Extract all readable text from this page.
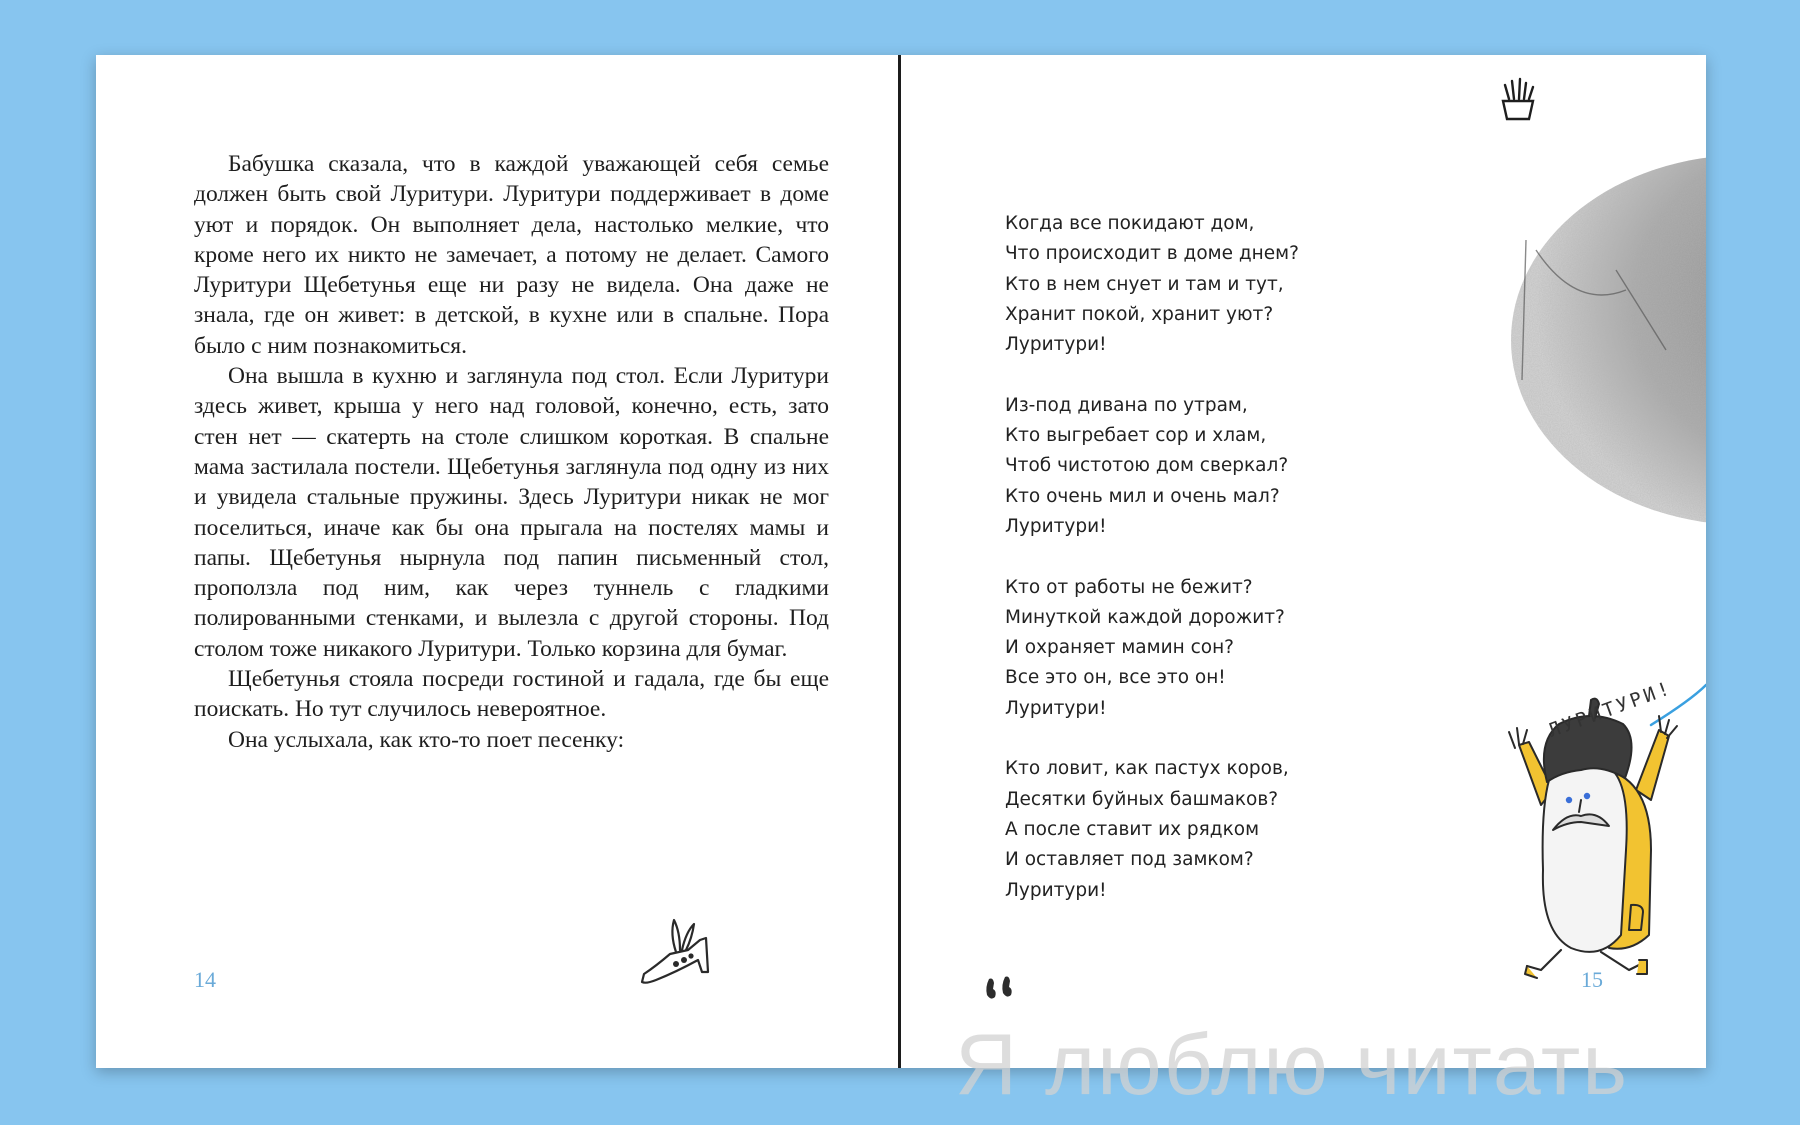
Бабушка сказала, что в каждой уважающей себя семье должен быть свой Луритури. Луритури поддерживает в доме уют и порядок. Он выполняет дела, настолько мелкие, что кроме него их никто не замечает, а потому не делает. Самого Луритури Щебетунья еще ни разу не видела. Она даже не знала, где он живет: в детской, в кухне или в спальне. Пора было с ним познакомиться.

Она вышла в кухню и заглянула под стол. Если Луритури здесь живет, крыша у него над головой, конечно, есть, зато стен нет — скатерть на столе слишком короткая. В спальне мама застилала постели. Щебетунья заглянула под одну из них и увидела стальные пружины. Здесь Луритури никак не мог поселиться, иначе как бы она прыгала на постелях мамы и папы. Щебетунья нырнула под папин письменный стол, проползла под ним, как через туннель с гладкими полированными стенками, и вылезла с другой стороны. Под столом тоже никакого Луритури. Только корзина для бумаг.

Щебетунья стояла посреди гостиной и гадала, где бы еще поискать. Но тут случилось невероятное.

Она услыхала, как кто-то поет песенку:

14
Когда все покидают дом,
Что происходит в доме днем?
Кто в нем снует и там и тут,
Хранит покой, хранит уют?
Луритури!
Из-под дивана по утрам,
Кто выгребает сор и хлам,
Чтоб чистотою дом сверкал?
Кто очень мил и очень мал?
Луритури!
Кто от работы не бежит?
Минуткой каждой дорожит?
И охраняет мамин сон?
Все это он, все это он!
Луритури!
Кто ловит, как пастух коров,
Десятки буйных башмаков?
А после ставит их рядком
И оставляет под замком?
Луритури!
ЛУРИТУРИ!
15
Я люблю читать
